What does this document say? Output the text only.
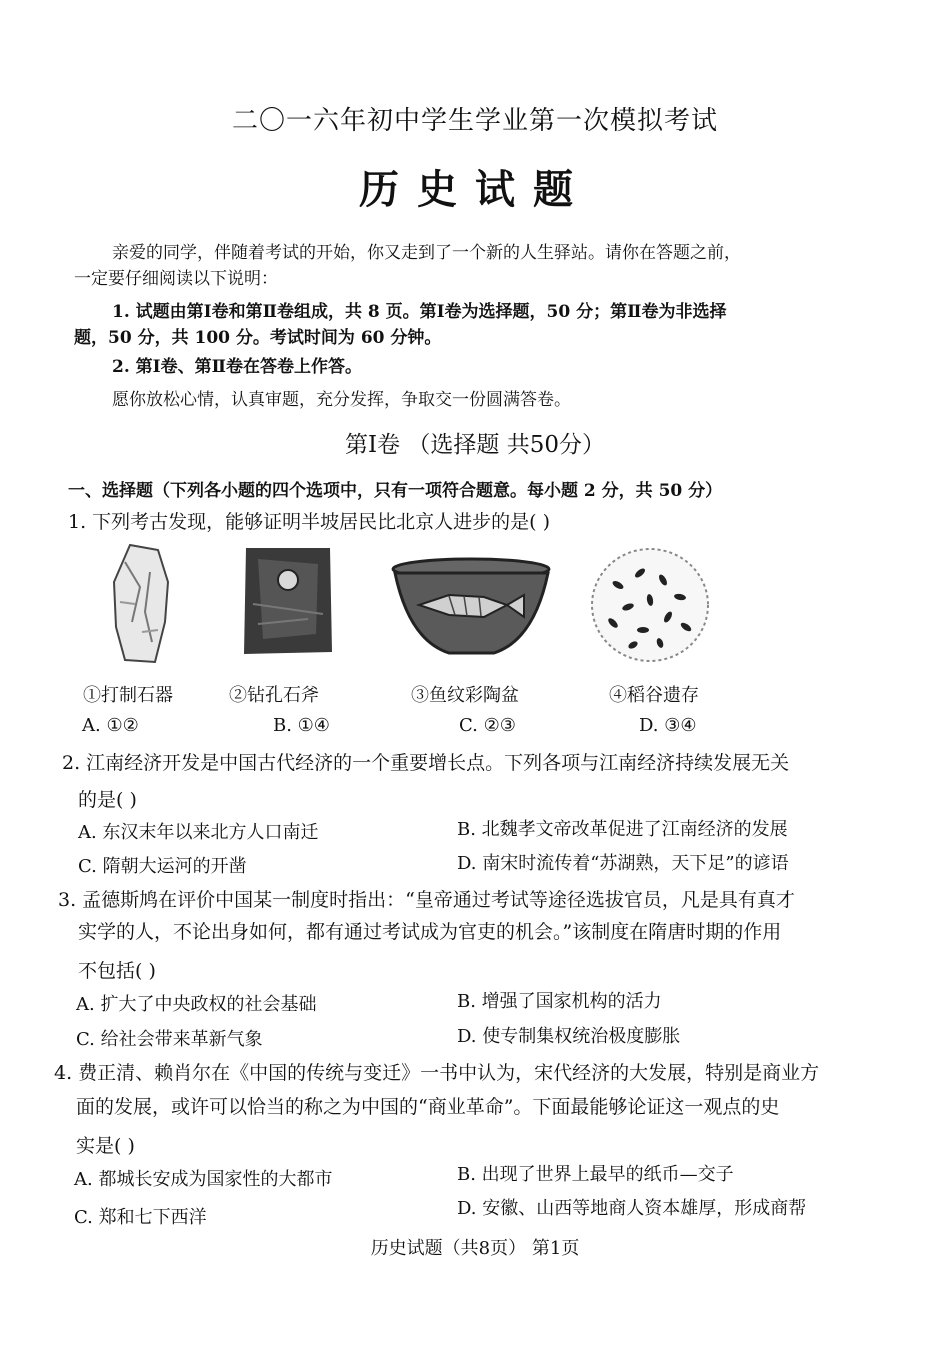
二〇一六年初中学生学业第一次模拟考试
历史试题
亲爱的同学，伴随着考试的开始，你又走到了一个新的人生驿站。请你在答题之前，
一定要仔细阅读以下说明：
1. 试题由第Ⅰ卷和第Ⅱ卷组成，共 8 页。第Ⅰ卷为选择题，50 分；第Ⅱ卷为非选择
题，50 分，共 100 分。考试时间为 60 分钟。
2. 第Ⅰ卷、第Ⅱ卷在答卷上作答。
愿你放松心情，认真审题，充分发挥，争取交一份圆满答卷。
第Ⅰ卷 （选择题 共50分）
一、选择题（下列各小题的四个选项中，只有一项符合题意。每小题 2 分，共 50 分）
1. 下列考古发现，能够证明半坡居民比北京人进步的是( )
①打制石器	②钻孔石斧	③鱼纹彩陶盆	④稻谷遗存
A. ①②	B. ①④	C. ②③	D. ③④
2. 江南经济开发是中国古代经济的一个重要增长点。下列各项与江南经济持续发展无关
的是( )
A. 东汉末年以来北方人口南迁	B. 北魏孝文帝改革促进了江南经济的发展
C. 隋朝大运河的开凿	D. 南宋时流传着“苏湖熟，天下足”的谚语
3. 孟德斯鸠在评价中国某一制度时指出：“皇帝通过考试等途径选拔官员，凡是具有真才
实学的人，不论出身如何，都有通过考试成为官吏的机会。”该制度在隋唐时期的作用
不包括( )
A. 扩大了中央政权的社会基础	B. 增强了国家机构的活力
C. 给社会带来革新气象	D. 使专制集权统治极度膨胀
4. 费正清、赖肖尔在《中国的传统与变迁》一书中认为，宋代经济的大发展，特别是商业方
面的发展，或许可以恰当的称之为中国的“商业革命”。下面最能够论证这一观点的史
实是( )
A. 都城长安成为国家性的大都市	B. 出现了世界上最早的纸币—交子
C. 郑和七下西洋	D. 安徽、山西等地商人资本雄厚，形成商帮
历史试题（共8页） 第1页
